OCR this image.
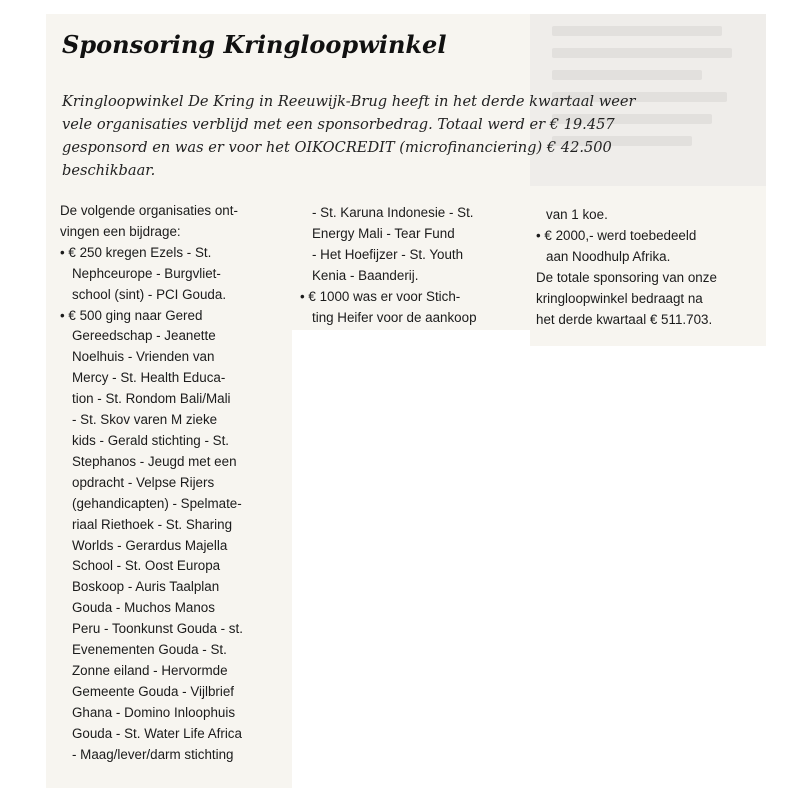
Sponsoring Kringloopwinkel
Kringloopwinkel De Kring in Reeuwijk-Brug heeft in het derde kwartaal weer
vele organisaties verblijd met een sponsorbedrag. Totaal werd er € 19.457
gesponsord en was er voor het OIKOCREDIT (microfinanciering) € 42.500
beschikbaar.
De volgende organisaties ont-
vingen een bijdrage:
• € 250 kregen Ezels - St.
Nephceurope - Burgvliet-
school (sint) - PCI Gouda.
• € 500 ging naar Gered
Gereedschap - Jeanette
Noelhuis - Vrienden van
Mercy - St. Health Educa-
tion - St. Rondom Bali/Mali
- St. Skov varen M zieke
kids - Gerald stichting - St.
Stephanos - Jeugd met een
opdracht - Velpse Rijers
(gehandicapten) - Spelmate-
riaal Riethoek - St. Sharing
Worlds - Gerardus Majella
School - St. Oost Europa
Boskoop - Auris Taalplan
Gouda - Muchos Manos
Peru - Toonkunst Gouda - st.
Evenementen Gouda - St.
Zonne eiland - Hervormde
Gemeente Gouda - Vijlbrief
Ghana - Domino Inloophuis
Gouda - St. Water Life Africa
- Maag/lever/darm stichting
- St. Karuna Indonesie - St.
Energy Mali - Tear Fund
- Het Hoefijzer - St. Youth
Kenia - Baanderij.
• € 1000 was er voor Stich-
ting Heifer voor de aankoop
van 1 koe.
• € 2000,- werd toebedeeld
aan Noodhulp Afrika.
De totale sponsoring van onze
kringloopwinkel bedraagt na
het derde kwartaal € 511.703.
